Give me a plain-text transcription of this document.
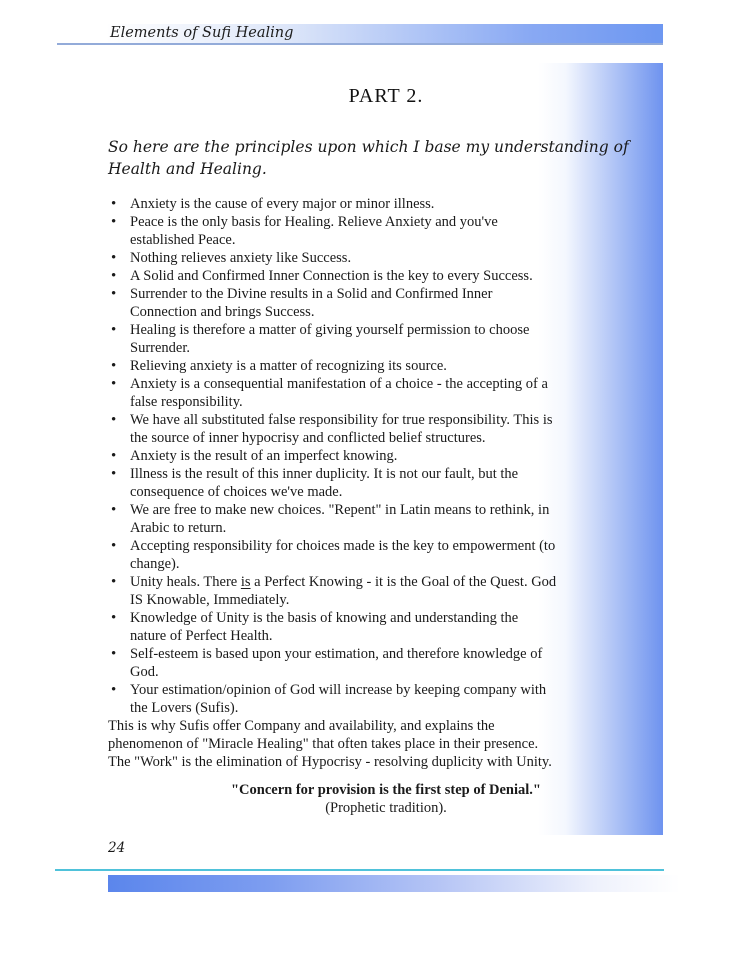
Elements of Sufi Healing
PART 2.

So here are the principles upon which I base my understanding of
Health and Healing.

• Anxiety is the cause of every major or minor illness.
• Peace is the only basis for Healing. Relieve Anxiety and you've
established Peace.
• Nothing relieves anxiety like Success.
• A Solid and Confirmed Inner Connection is the key to every Success.
• Surrender to the Divine results in a Solid and Confirmed Inner
Connection and brings Success.
• Healing is therefore a matter of giving yourself permission to choose
Surrender.
• Relieving anxiety is a matter of recognizing its source.
• Anxiety is a consequential manifestation of a choice - the accepting of a
false responsibility.
• We have all substituted false responsibility for true responsibility. This is
the source of inner hypocrisy and conflicted belief structures.
• Anxiety is the result of an imperfect knowing.
• Illness is the result of this inner duplicity. It is not our fault, but the
consequence of choices we've made.
• We are free to make new choices. "Repent" in Latin means to rethink, in
Arabic to return.
• Accepting responsibility for choices made is the key to empowerment (to
change).
• Unity heals. There is a Perfect Knowing - it is the Goal of the Quest. God
IS Knowable, Immediately.
• Knowledge of Unity is the basis of knowing and understanding the
nature of Perfect Health.
• Self-esteem is based upon your estimation, and therefore knowledge of
God.
• Your estimation/opinion of God will increase by keeping company with
the Lovers (Sufis).

This is why Sufis offer Company and availability, and explains the
phenomenon of "Miracle Healing" that often takes place in their presence.
The "Work" is the elimination of Hypocrisy - resolving duplicity with Unity.

"Concern for provision is the first step of Denial."

(Prophetic tradition).

24
